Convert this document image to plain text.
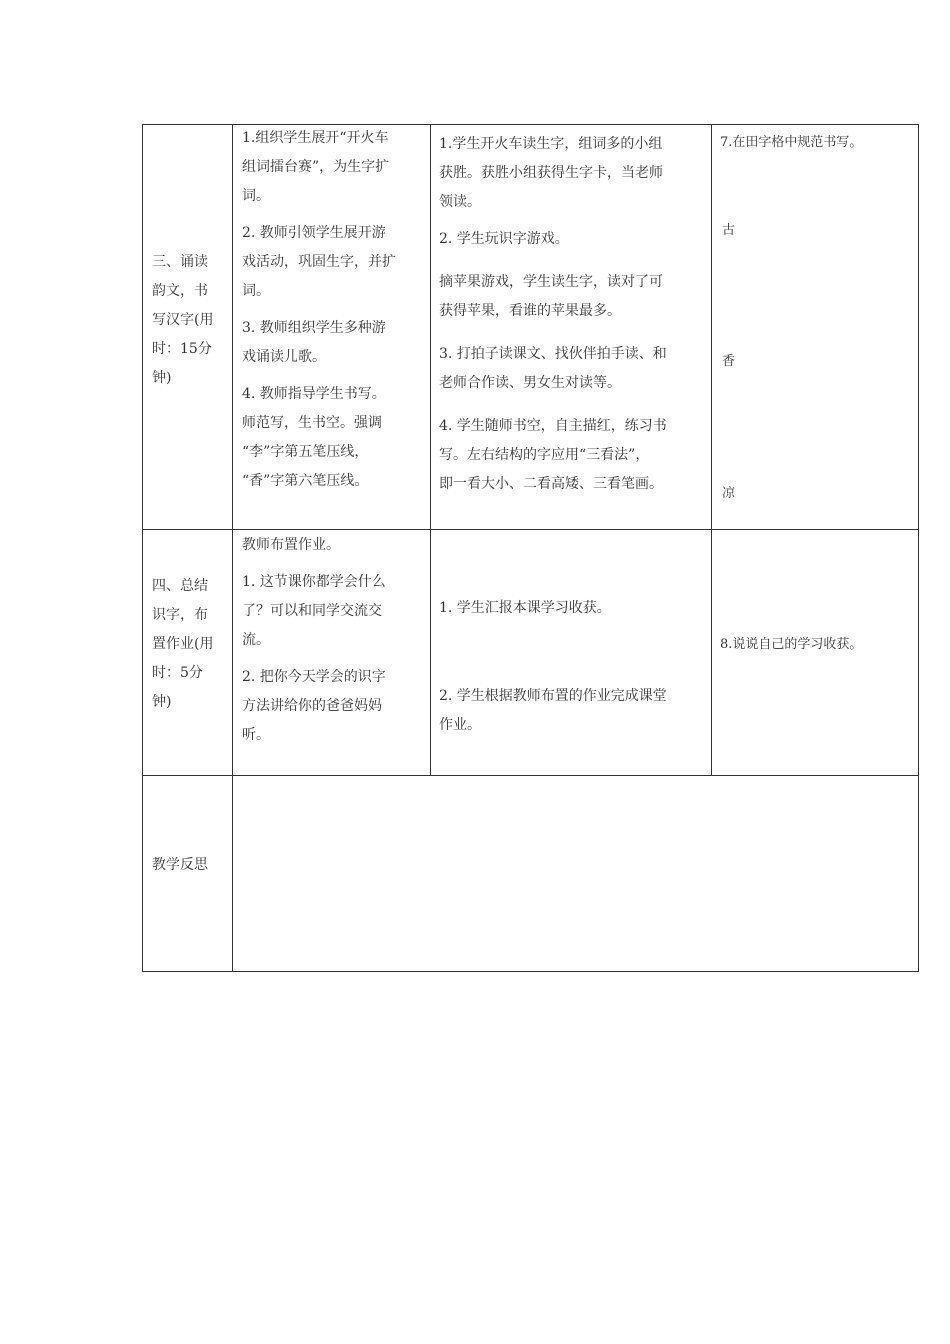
三、诵读

韵文，书

写汉字(用

时：15分

钟)

1.组织学生展开“开火车

组词擂台赛”，为生字扩

词。

2. 教师引领学生展开游

戏活动，巩固生字，并扩

词。

3. 教师组织学生多种游

戏诵读儿歌。

4. 教师指导学生书写。

师范写，生书空。强调

“李”字第五笔压线，

“香”字第六笔压线。

1.学生开火车读生字，组词多的小组

获胜。获胜小组获得生字卡，当老师

领读。

2. 学生玩识字游戏。

摘苹果游戏，学生读生字，读对了可

获得苹果，看谁的苹果最多。

3. 打拍子读课文、找伙伴拍手读、和

老师合作读、男女生对读等。

4. 学生随师书空，自主描红，练习书

写。左右结构的字应用“三看法”，

即一看大小、二看高矮、三看笔画。

7.在田字格中规范书写。

古
香
凉

四、总结

识字，布

置作业(用

时：5分

钟)

教师布置作业。

1. 这节课你都学会什么

了？可以和同学交流交

流。

2. 把你今天学会的识字

方法讲给你的爸爸妈妈

听。

1. 学生汇报本课学习收获。

2. 学生根据教师布置的作业完成课堂

作业。

8.说说自己的学习收获。

教学反思
